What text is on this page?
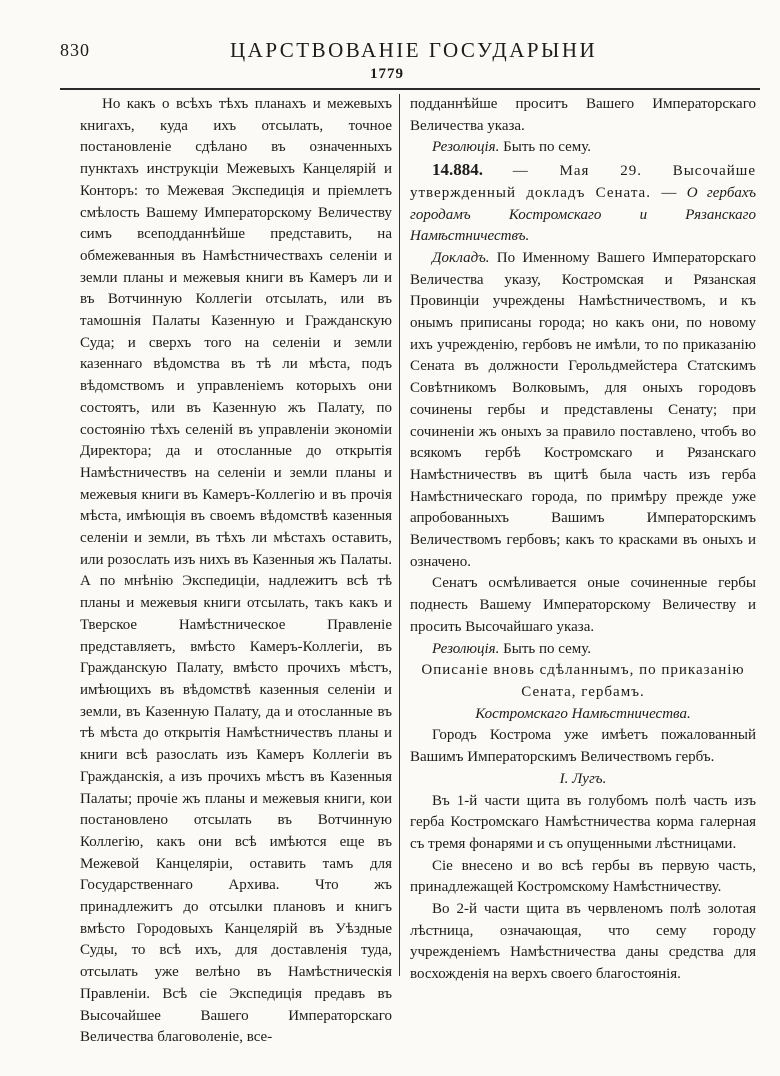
830	ЦАРСТВОВАНІЕ ГОСУДАРЫНИ
1779

Но какъ о всѣхъ тѣхъ планахъ и межевыхъ книгахъ, куда ихъ отсылать, точное постановленіе сдѣлано въ означенныхъ пунктахъ инструкціи Межевыхъ Канцелярій и Конторъ: то Межевая Экспедиція и пріемлетъ смѣлость Вашему Императорскому Величеству симъ всеподданнѣйше представить, на обмежеванныя въ Намѣстничествахъ селеніи и земли планы и межевыя книги въ Камеръ ли и въ Вотчинную Коллегіи отсылать, или въ тамошнія Палаты Казенную и Гражданскую Суда; и сверхъ того на селеніи и земли казеннаго вѣдомства въ тѣ ли мѣста, подъ вѣдомствомъ и управленіемъ которыхъ они состоятъ, или въ Казенную жъ Палату, по состоянію тѣхъ селеній въ управленіи экономіи Директора; да и отосланные до открытія Намѣстничествъ на селеніи и земли планы и межевыя книги въ Камеръ-Коллегію и въ прочія мѣста, имѣющія въ своемъ вѣдомствѣ казенныя селеніи и земли, въ тѣхъ ли мѣстахъ оставить, или розослать изъ нихъ въ Казенныя жъ Палаты. А по мнѣнію Экспедиціи, надлежитъ всѣ тѣ планы и межевыя книги отсылать, такъ какъ и Тверское Намѣстническое Правленіе представляетъ, вмѣсто Камеръ-Коллегіи, въ Гражданскую Палату, вмѣсто прочихъ мѣстъ, имѣющихъ въ вѣдомствѣ казенныя селеніи и земли, въ Казенную Палату, да и отосланные въ тѣ мѣста до открытія Намѣстничествъ планы и книги всѣ разослать изъ Камеръ Коллегіи въ Гражданскія, а изъ прочихъ мѣстъ въ Казенныя Палаты; прочіе жъ планы и межевыя книги, кои постановлено отсылать въ Вотчинную Коллегію, какъ они всѣ имѣются еще въ Межевой Канцеляріи, оставить тамъ для Государственнаго Архива. Что жъ принадлежитъ до отсылки плановъ и книгъ вмѣсто Городовыхъ Канцелярій въ Уѣздные Суды, то всѣ ихъ, для доставленія туда, отсылать уже велѣно въ Намѣстническія Правленіи. Всѣ сіе Экспедиція предавъ въ Высочайшее Вашего Императорскаго Величества благоволеніе, все-

подданнѣйше проситъ Вашего Императорскаго Величества указа.

Резолюція. Быть по сему.

14.884. — Мая 29. Высочайше утвержденный докладъ Сената. — О гербахъ городамъ Костромскаго и Рязанскаго Намѣстничествъ.

Докладъ. По Именному Вашего Императорскаго Величества указу, Костромская и Рязанская Провинціи учреждены Намѣстничествомъ, и къ онымъ приписаны города; но какъ они, по новому ихъ учрежденію, гербовъ не имѣли, то по приказанію Сената въ должности Герольдмейстера Статскимъ Совѣтникомъ Волковымъ, для оныхъ городовъ сочинены гербы и представлены Сенату; при сочиненіи жъ оныхъ за правило поставлено, чтобъ во всякомъ гербѣ Костромскаго и Рязанскаго Намѣстничествъ въ щитѣ была часть изъ герба Намѣстническаго города, по примѣру прежде уже апробованныхъ Вашимъ Императорскимъ Величествомъ гербовъ; какъ то красками въ оныхъ и означено.

Сенатъ осмѣливается оные сочиненные гербы поднесть Вашему Императорскому Величеству и просить Высочайшаго указа.

Резолюція. Быть по сему.

Описаніе вновь сдѣланнымъ, по приказанію Сената, гербамъ.

Костромскаго Намѣстничества.

Городъ Кострома уже имѣетъ пожалованный Вашимъ Императорскимъ Величествомъ гербъ.

I. Лугъ.

Въ 1-й части щита въ голубомъ полѣ часть изъ герба Костромскаго Намѣстничества корма галерная съ тремя фонарями и съ опущенными лѣстницами.

Сіе внесено и во всѣ гербы въ первую часть, принадлежащей Костромскому Намѣстничеству.

Во 2-й части щита въ червленомъ полѣ золотая лѣстница, означающая, что сему городу учрежденіемъ Намѣстничества даны средства для восхожденія на верхъ своего благостоянія.
